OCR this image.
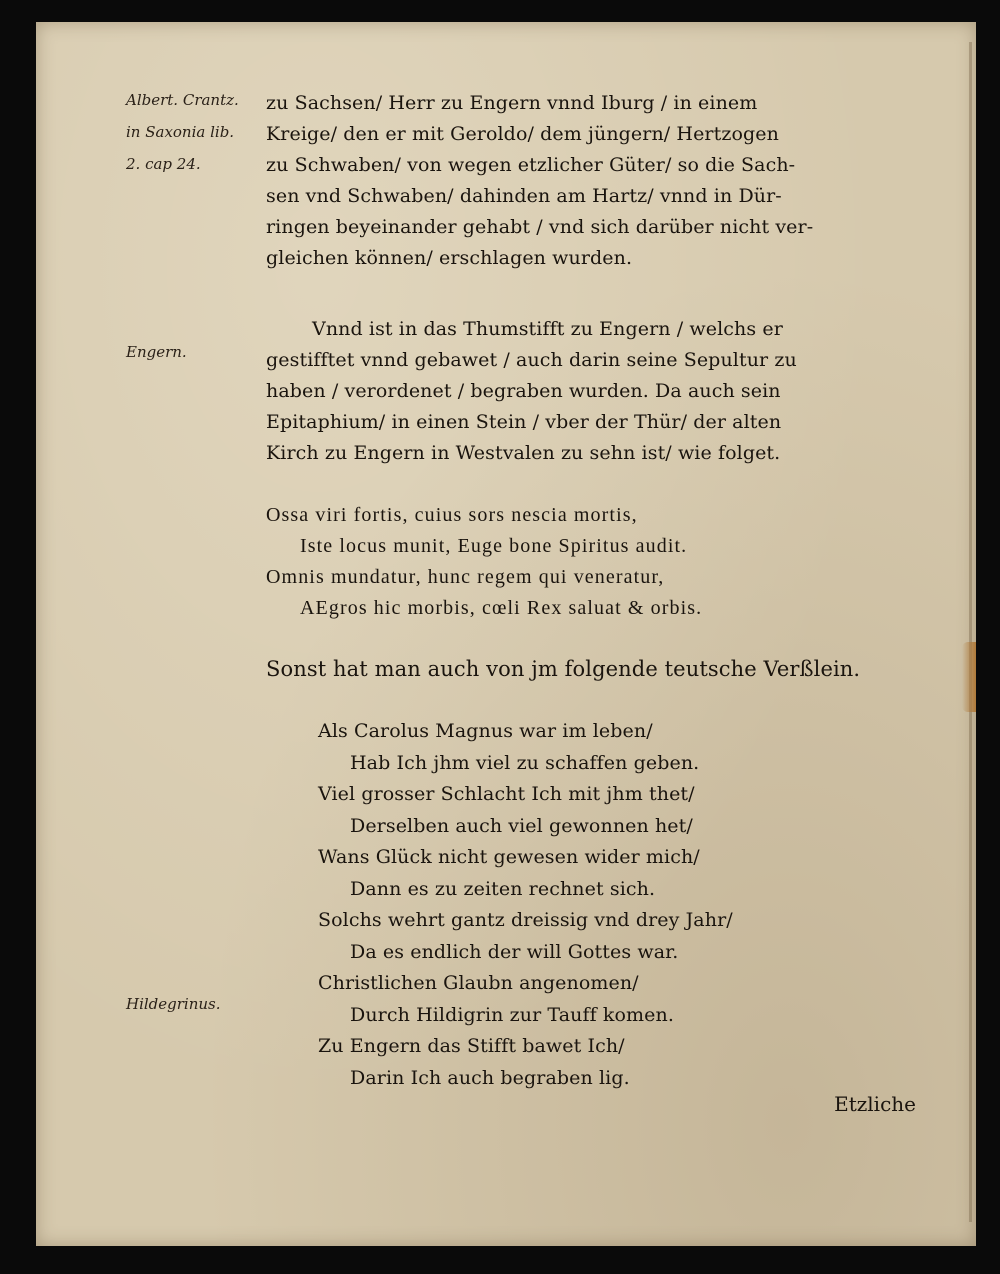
Albert. Crantz.
in Saxonia lib.
2. cap 24.
Engern.
Hildegrinus.
zu Sachsen/ Herr zu Engern vnnd Iburg / in einem
Kreige/ den er mit Geroldo/ dem jüngern/ Hertzogen
zu Schwaben/ von wegen etzlicher Güter/ so die Sach-
sen vnd Schwaben/ dahinden am Hartz/ vnnd in Dür-
ringen beyeinander gehabt / vnd sich darüber nicht ver-
gleichen können/ erschlagen wurden.
Vnnd ist in das Thumstifft zu Engern / welchs er
gestifftet vnnd gebawet / auch darin seine Sepultur zu
haben / verordenet / begraben wurden. Da auch sein
Epitaphium/ in einen Stein / vber der Thür/ der alten
Kirch zu Engern in Westvalen zu sehn ist/ wie folget.
Ossa viri fortis, cuius sors nescia mortis,
Iste locus munit, Euge bone Spiritus audit.
Omnis mundatur, hunc regem qui veneratur,
AEgros hic morbis, cœli Rex saluat & orbis.
Sonst hat man auch von jm folgende teutsche Verßlein.
Als Carolus Magnus war im leben/
Hab Ich jhm viel zu schaffen geben.
Viel grosser Schlacht Ich mit jhm thet/
Derselben auch viel gewonnen het/
Wans Glück nicht gewesen wider mich/
Dann es zu zeiten rechnet sich.
Solchs wehrt gantz dreissig vnd drey Jahr/
Da es endlich der will Gottes war.
Christlichen Glaubn angenomen/
Durch Hildigrin zur Tauff komen.
Zu Engern das Stifft bawet Ich/
Darin Ich auch begraben lig.
Etzliche
